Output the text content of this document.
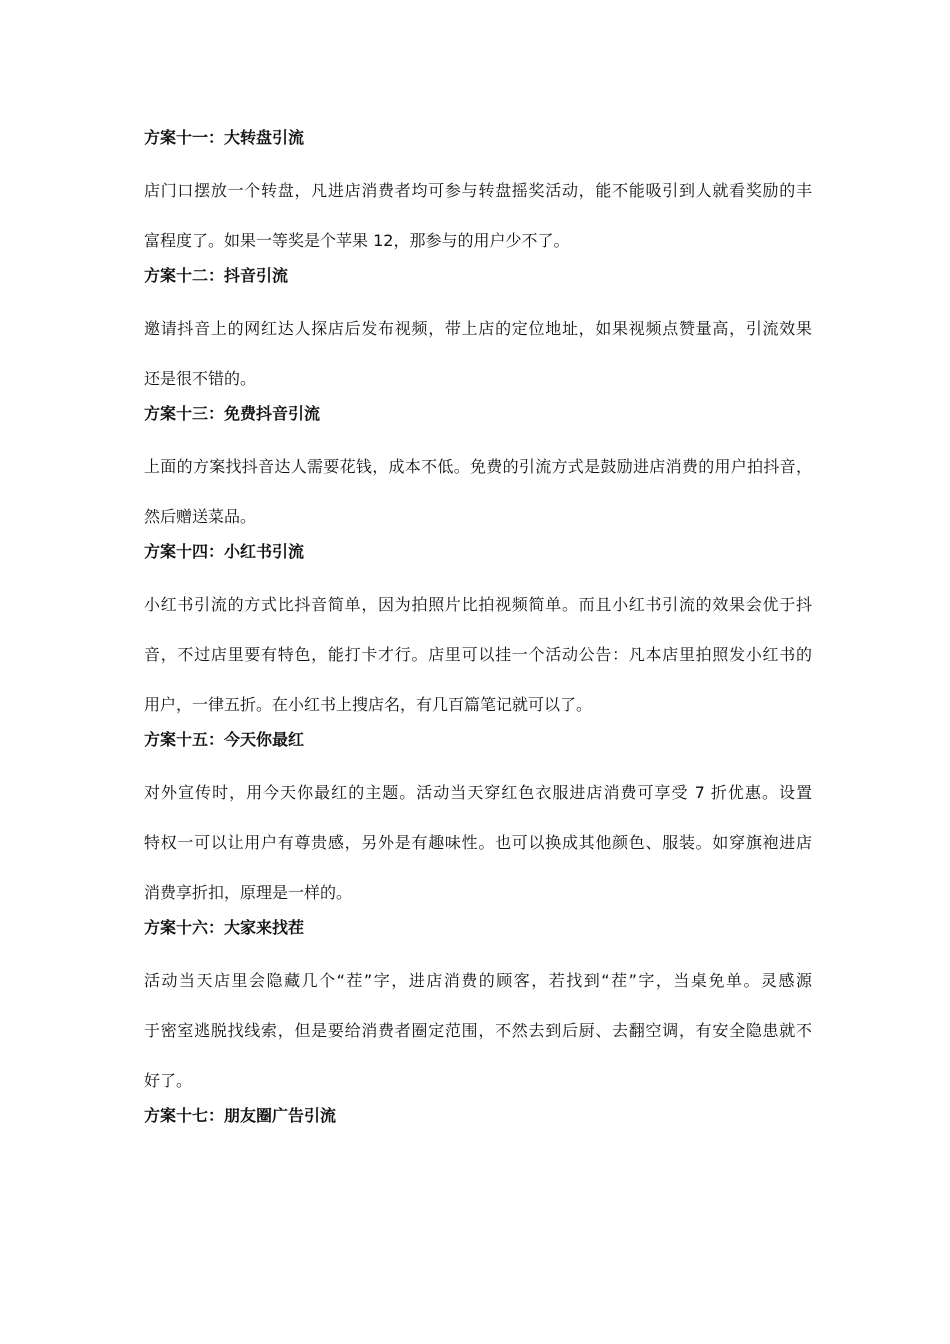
方案十一：大转盘引流
店门口摆放一个转盘，凡进店消费者均可参与转盘摇奖活动，能不能吸引到人就看奖励的丰
富程度了。如果一等奖是个苹果 12，那参与的用户少不了。
方案十二：抖音引流
邀请抖音上的网红达人探店后发布视频，带上店的定位地址，如果视频点赞量高，引流效果
还是很不错的。
方案十三：免费抖音引流
上面的方案找抖音达人需要花钱，成本不低。免费的引流方式是鼓励进店消费的用户拍抖音，
然后赠送菜品。
方案十四：小红书引流
小红书引流的方式比抖音简单，因为拍照片比拍视频简单。而且小红书引流的效果会优于抖
音，不过店里要有特色，能打卡才行。店里可以挂一个活动公告：凡本店里拍照发小红书的
用户，一律五折。在小红书上搜店名，有几百篇笔记就可以了。
方案十五：今天你最红
对外宣传时，用今天你最红的主题。活动当天穿红色衣服进店消费可享受 7 折优惠。设置
特权一可以让用户有尊贵感，另外是有趣味性。也可以换成其他颜色、服装。如穿旗袍进店
消费享折扣，原理是一样的。
方案十六：大家来找茬
活动当天店里会隐藏几个“茬”字，进店消费的顾客，若找到“茬”字，当桌免单。灵感源
于密室逃脱找线索，但是要给消费者圈定范围，不然去到后厨、去翻空调，有安全隐患就不
好了。
方案十七：朋友圈广告引流
